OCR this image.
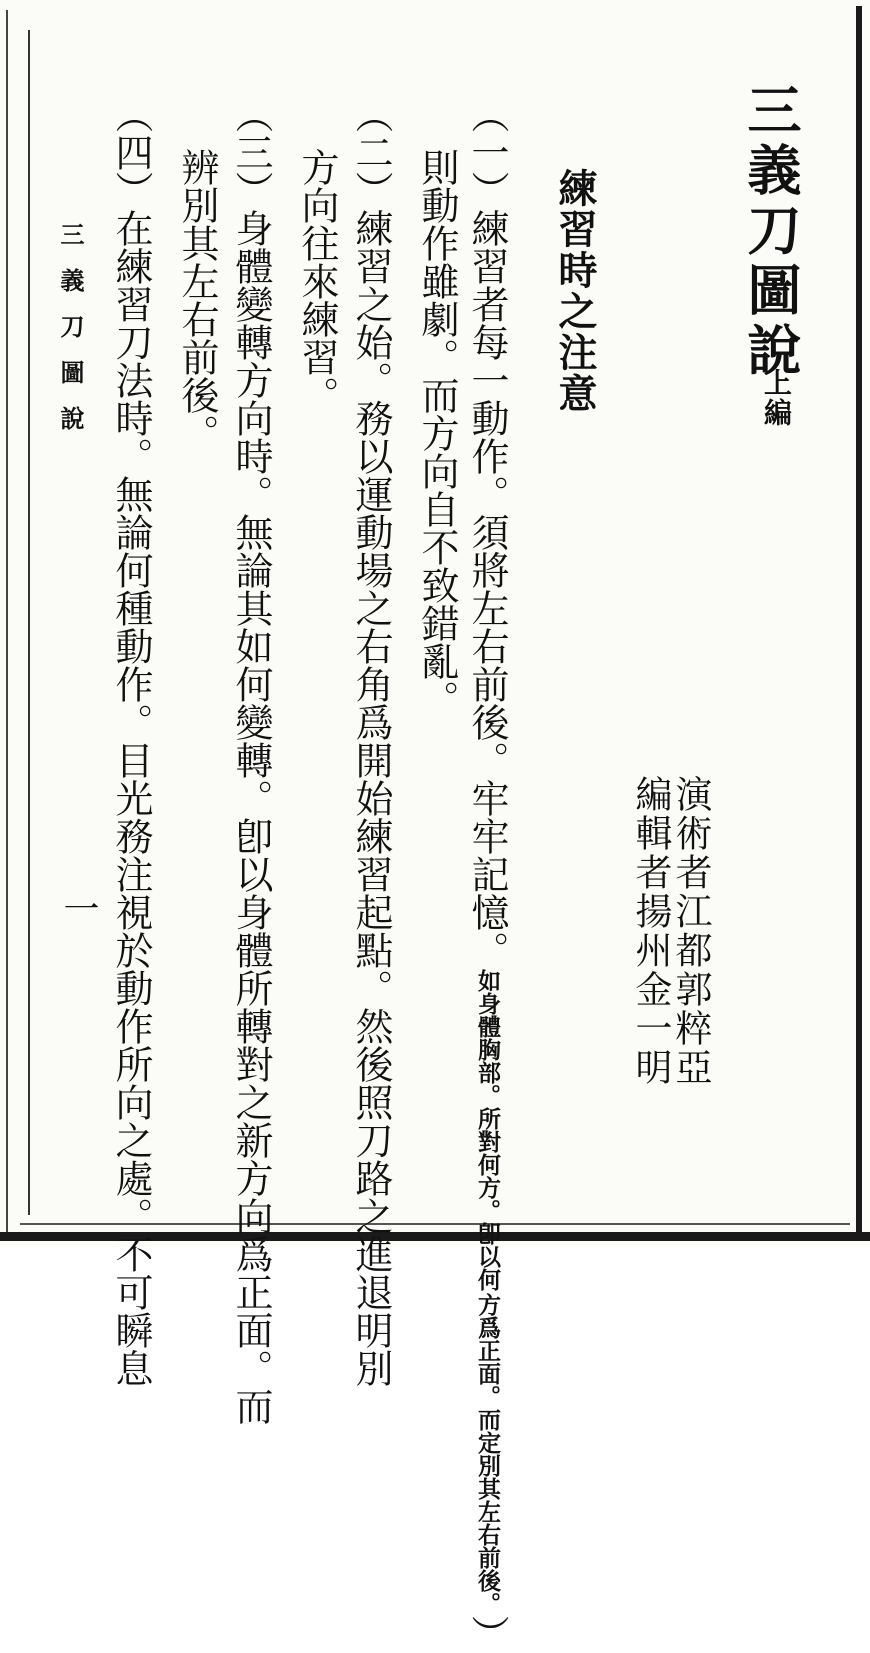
三義刀圖說
上編
演術者江都郭粹亞
編輯者揚州金一明
練習時之注意
（一）練習者每一動作。須將左右前後。牢牢記憶。
如身體胸部。所對何方。卽以何
方爲正面。而定別其左右前後。
）
則動作雖劇。而方向自不致錯亂。
（二）練習之始。務以運動場之右角爲開始練習起點。然後照刀路之進退明別
方向往來練習。
（三）身體變轉方向時。無論其如何變轉。卽以身體所轉對之新方向爲正面。而
辨別其左右前後。
（四）在練習刀法時。無論何種動作。目光務注視於動作所向之處。不可瞬息
三義刀圖說
一
